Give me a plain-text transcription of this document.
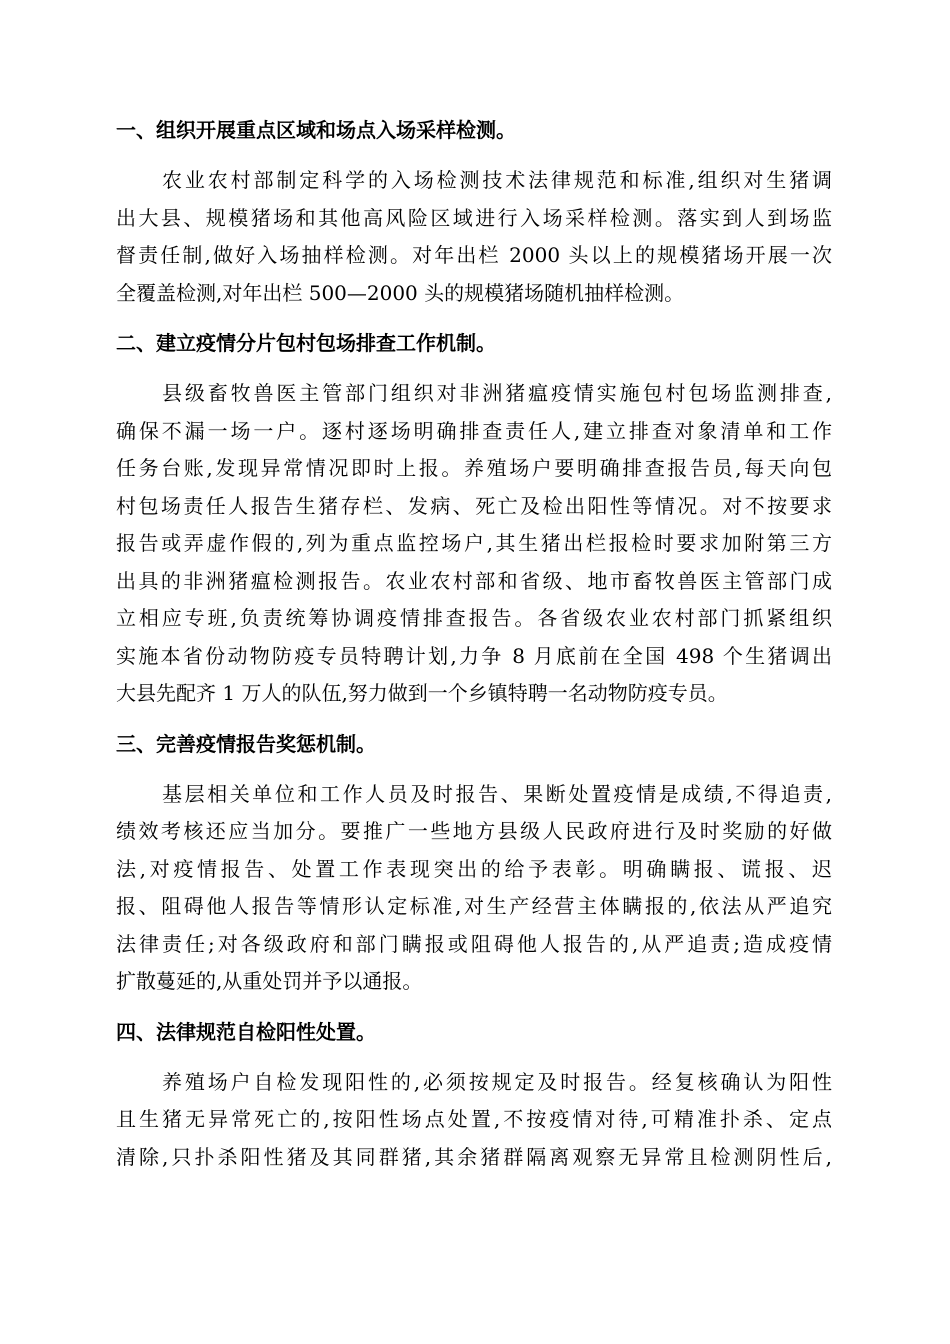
一、组织开展重点区域和场点入场采样检测。
农业农村部制定科学的入场检测技术法律规范和标准,组织对生猪调
出大县、规模猪场和其他高风险区域进行入场采样检测。落实到人到场监
督责任制,做好入场抽样检测。对年出栏 2000 头以上的规模猪场开展一次
全覆盖检测,对年出栏 500—2000 头的规模猪场随机抽样检测。
二、建立疫情分片包村包场排查工作机制。
县级畜牧兽医主管部门组织对非洲猪瘟疫情实施包村包场监测排查,
确保不漏一场一户。逐村逐场明确排查责任人,建立排查对象清单和工作
任务台账,发现异常情况即时上报。养殖场户要明确排查报告员,每天向包
村包场责任人报告生猪存栏、发病、死亡及检出阳性等情况。对不按要求
报告或弄虚作假的,列为重点监控场户,其生猪出栏报检时要求加附第三方
出具的非洲猪瘟检测报告。农业农村部和省级、地市畜牧兽医主管部门成
立相应专班,负责统筹协调疫情排查报告。各省级农业农村部门抓紧组织
实施本省份动物防疫专员特聘计划,力争 8 月底前在全国 498 个生猪调出
大县先配齐 1 万人的队伍,努力做到一个乡镇特聘一名动物防疫专员。
三、完善疫情报告奖惩机制。
基层相关单位和工作人员及时报告、果断处置疫情是成绩,不得追责,
绩效考核还应当加分。要推广一些地方县级人民政府进行及时奖励的好做
法,对疫情报告、处置工作表现突出的给予表彰。明确瞒报、谎报、迟
报、阻碍他人报告等情形认定标准,对生产经营主体瞒报的,依法从严追究
法律责任;对各级政府和部门瞒报或阻碍他人报告的,从严追责;造成疫情
扩散蔓延的,从重处罚并予以通报。
四、法律规范自检阳性处置。
养殖场户自检发现阳性的,必须按规定及时报告。经复核确认为阳性
且生猪无异常死亡的,按阳性场点处置,不按疫情对待,可精准扑杀、定点
清除,只扑杀阳性猪及其同群猪,其余猪群隔离观察无异常且检测阴性后,
